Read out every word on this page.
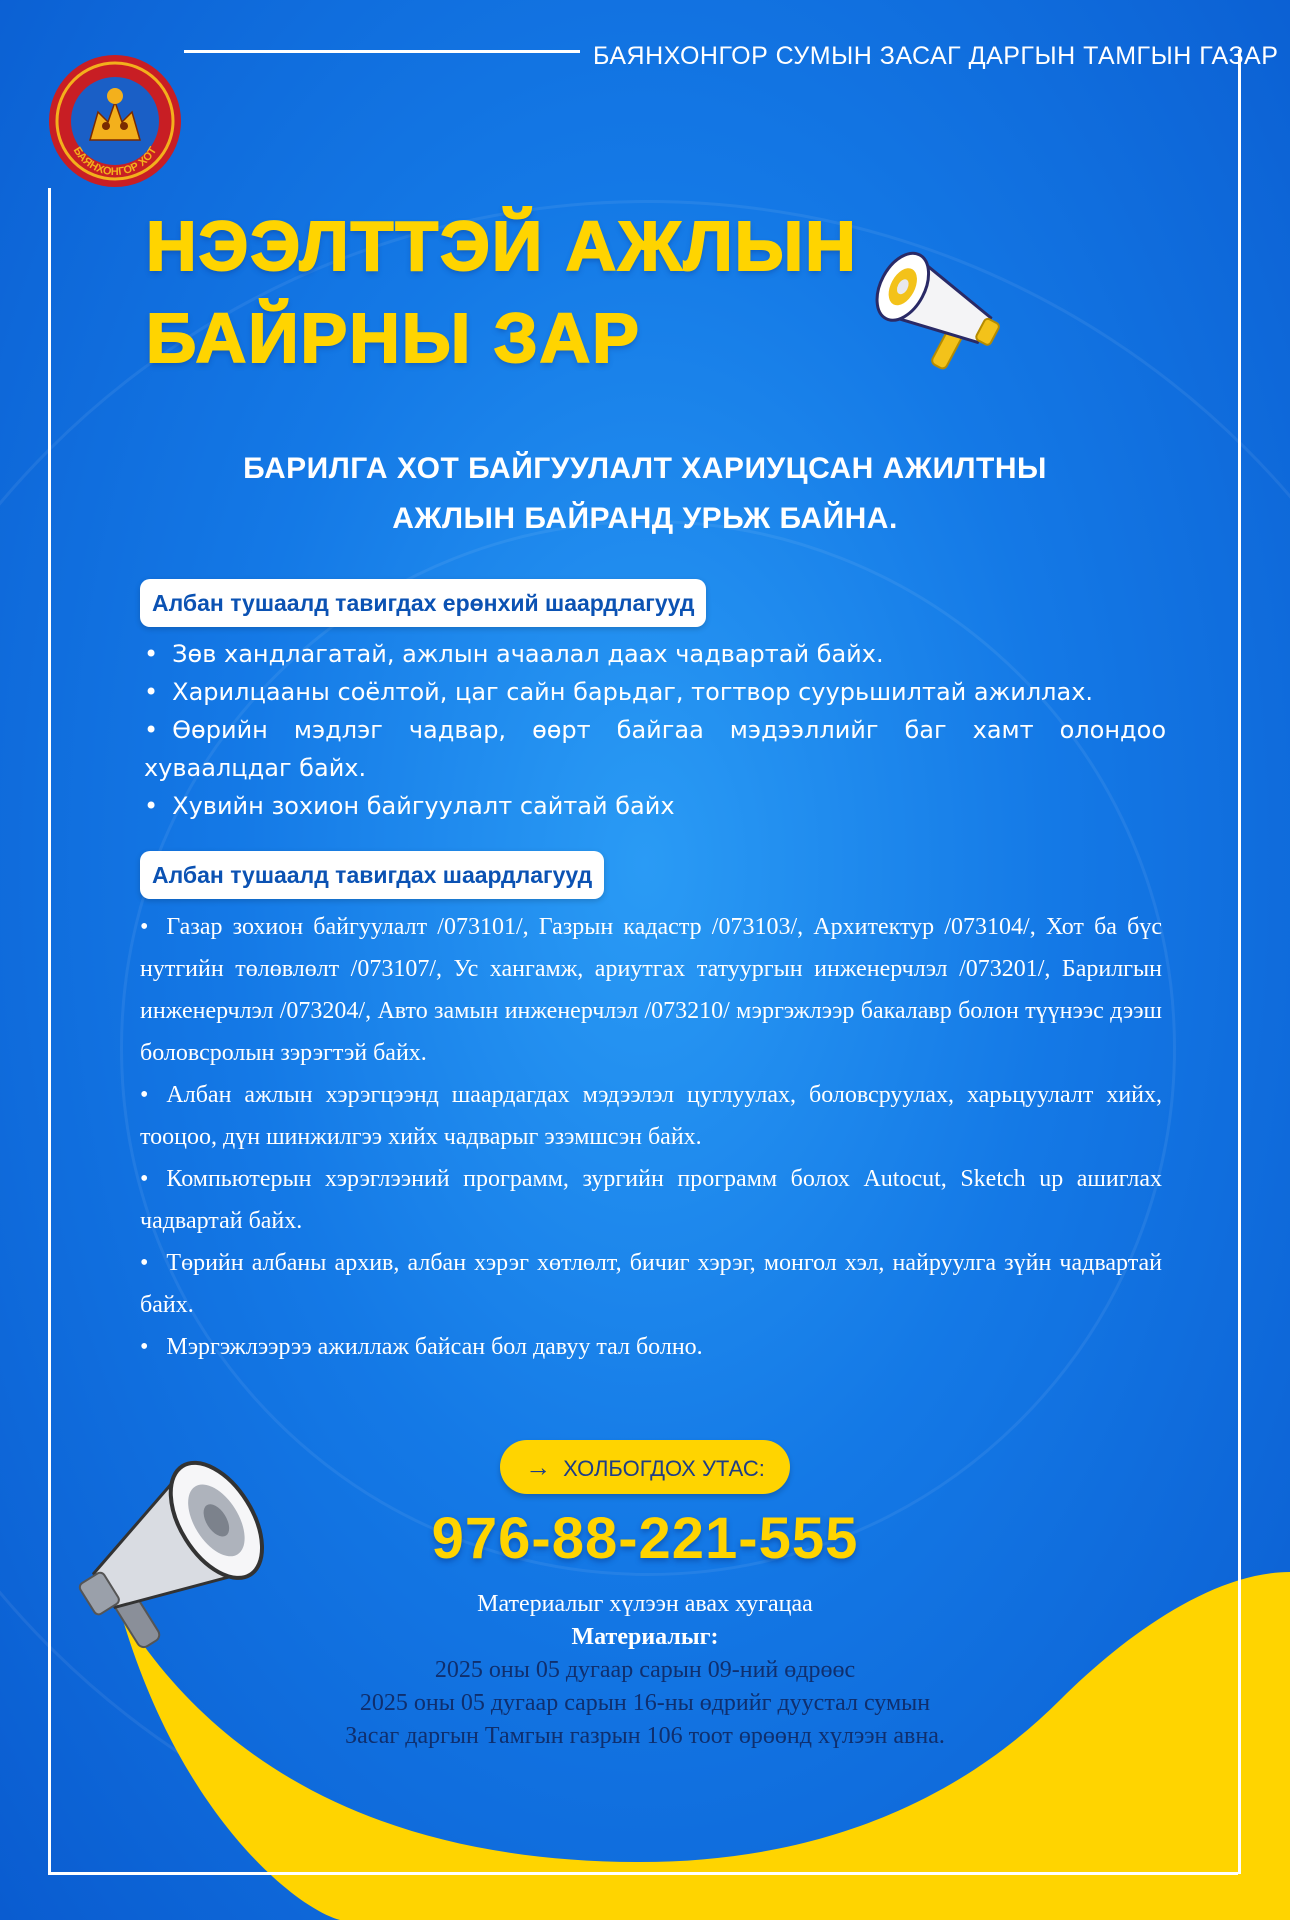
БАЯНХОНГОР СУМЫН ЗАСАГ ДАРГЫН ТАМГЫН ГАЗАР
БАЯНХОНГОР ХОТ
НЭЭЛТТЭЙ АЖЛЫН
БАЙРНЫ ЗАР
БАРИЛГА ХОТ БАЙГУУЛАЛТ ХАРИУЦСАН АЖИЛТНЫ
АЖЛЫН БАЙРАНД УРЬЖ БАЙНА.
Албан тушаалд тавигдах ерөнхий шаардлагууд
• Зөв хандлагатай, ажлын ачаалал даах чадвартай байх.
• Харилцааны соёлтой, цаг сайн барьдаг, тогтвор суурьшилтай ажиллах.
• Өөрийн мэдлэг чадвар, өөрт байгаа мэдээллийг баг хамт олондоо хуваалцдаг байх.
• Хувийн зохион байгуулалт сайтай байх
Албан тушаалд тавигдах шаардлагууд
• Газар зохион байгуулалт /073101/, Газрын кадастр /073103/, Архитектур /073104/, Хот ба бүс нутгийн төлөвлөлт /073107/, Ус хангамж, ариутгах татуургын инженерчлэл /073201/, Барилгын инженерчлэл /073204/, Авто замын инженерчлэл /073210/ мэргэжлээр бакалавр болон түүнээс дээш боловсролын зэрэгтэй байх.
• Албан ажлын хэрэгцээнд шаардагдах мэдээлэл цуглуулах, боловсруулах, харьцуулалт хийх, тооцоо, дүн шинжилгээ хийх чадварыг эзэмшсэн байх.
• Компьютерын хэрэглээний программ, зургийн программ болох Autocut, Sketch up ашиглах чадвартай байх.
• Төрийн албаны архив, албан хэрэг хөтлөлт, бичиг хэрэг, монгол хэл, найруулга зүйн чадвартай байх.
• Мэргэжлээрээ ажиллаж байсан бол давуу тал болно.
→ ХОЛБОГДОХ УТАС:
976-88-221-555
Материалыг хүлээн авах хугацаа
Материалыг:
2025 оны 05 дугаар сарын 09-ний өдрөөс
2025 оны 05 дугаар сарын 16-ны өдрийг дуустал сумын
Засаг даргын Тамгын газрын 106 тоот өрөөнд хүлээн авна.
